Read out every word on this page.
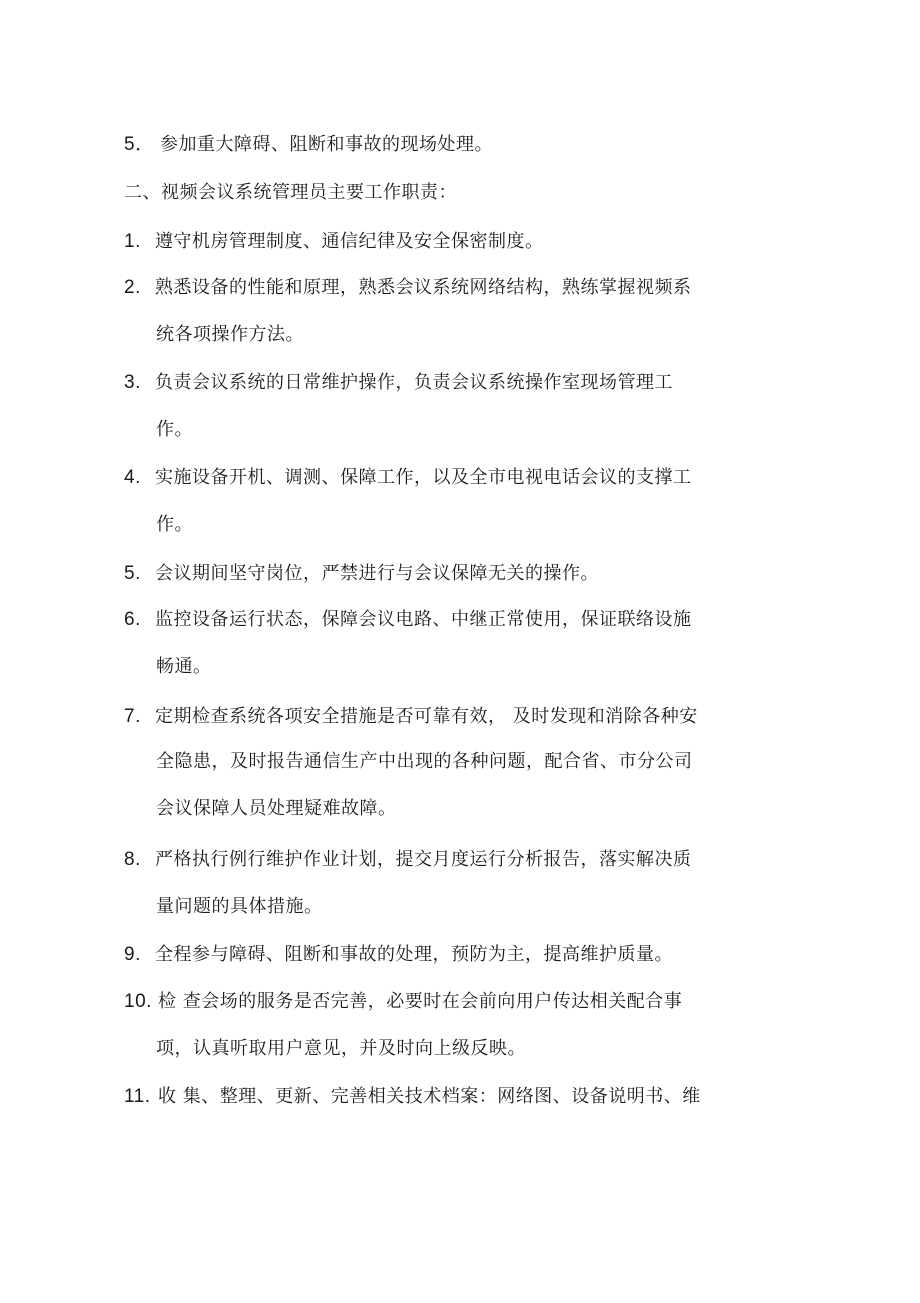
5． 参加重大障碍、阻断和事故的现场处理。
二、视频会议系统管理员主要工作职责：
1. 遵守机房管理制度、通信纪律及安全保密制度。
2. 熟悉设备的性能和原理，熟悉会议系统网络结构，熟练掌握视频系
统各项操作方法。
3. 负责会议系统的日常维护操作，负责会议系统操作室现场管理工
作。
4. 实施设备开机、调测、保障工作，以及全市电视电话会议的支撑工
作。
5. 会议期间坚守岗位，严禁进行与会议保障无关的操作。
6. 监控设备运行状态，保障会议电路、中继正常使用，保证联络设施
畅通。
7. 定期检查系统各项安全措施是否可靠有效， 及时发现和消除各种安
全隐患，及时报告通信生产中出现的各种问题，配合省、市分公司
会议保障人员处理疑难故障。
8. 严格执行例行维护作业计划，提交月度运行分析报告，落实解决质
量问题的具体措施。
9. 全程参与障碍、阻断和事故的处理，预防为主，提高维护质量。
10. 检 查会场的服务是否完善，必要时在会前向用户传达相关配合事
项，认真听取用户意见，并及时向上级反映。
11. 收 集、整理、更新、完善相关技术档案：网络图、设备说明书、维
